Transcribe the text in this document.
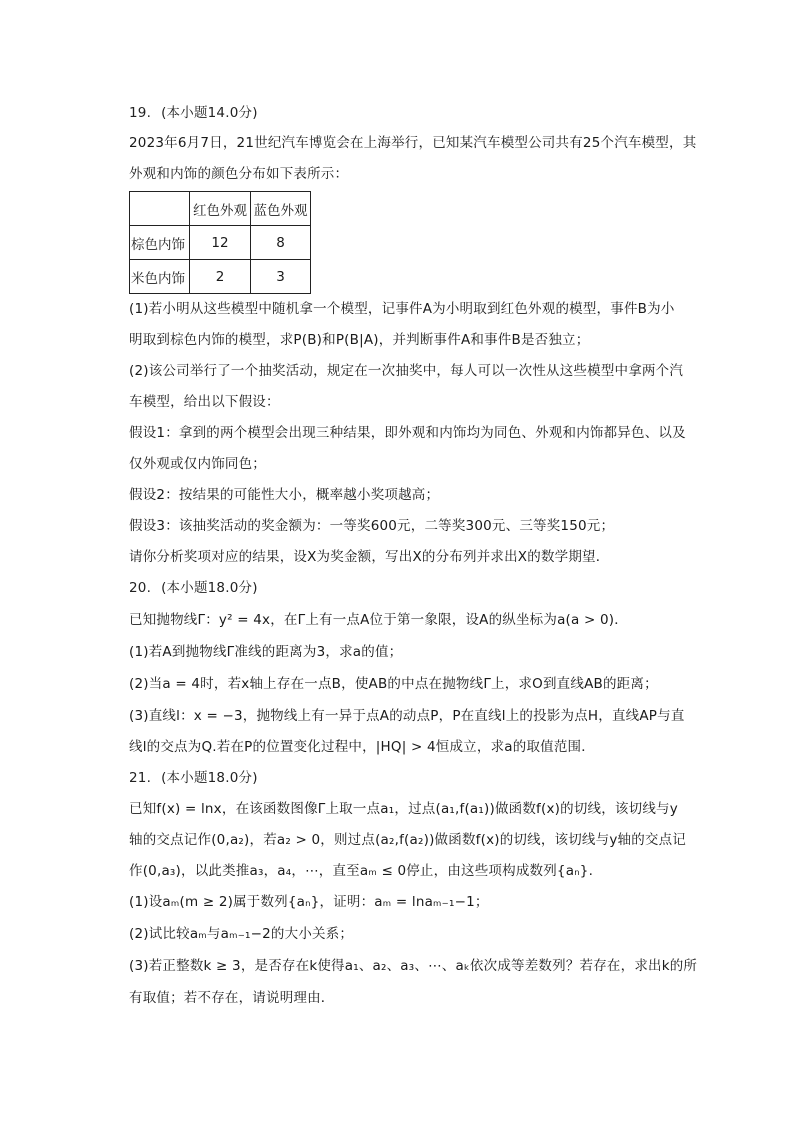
19. (本小题14.0分)
2023年6月7日，21世纪汽车博览会在上海举行，已知某汽车模型公司共有25个汽车模型，其
外观和内饰的颜色分布如下表所示：
	红色外观	蓝色外观
棕色内饰	12	8
米色内饰	2	3
(1)若小明从这些模型中随机拿一个模型，记事件A为小明取到红色外观的模型，事件B为小
明取到棕色内饰的模型，求P(B)和P(B|A)，并判断事件A和事件B是否独立；
(2)该公司举行了一个抽奖活动，规定在一次抽奖中，每人可以一次性从这些模型中拿两个汽
车模型，给出以下假设：
假设1：拿到的两个模型会出现三种结果，即外观和内饰均为同色、外观和内饰都异色、以及
仅外观或仅内饰同色；
假设2：按结果的可能性大小，概率越小奖项越高；
假设3：该抽奖活动的奖金额为：一等奖600元，二等奖300元、三等奖150元；
请你分析奖项对应的结果，设X为奖金额，写出X的分布列并求出X的数学期望．
20. (本小题18.0分)
已知抛物线Γ：y² = 4x，在Γ上有一点A位于第一象限，设A的纵坐标为a(a > 0)．
(1)若A到抛物线Γ准线的距离为3，求a的值；
(2)当a = 4时，若x轴上存在一点B，使AB的中点在抛物线Γ上，求O到直线AB的距离；
(3)直线l：x = −3，抛物线上有一异于点A的动点P，P在直线l上的投影为点H，直线AP与直
线l的交点为Q.若在P的位置变化过程中，|HQ| > 4恒成立，求a的取值范围．
21. (本小题18.0分)
已知f(x) = lnx，在该函数图像Γ上取一点a₁，过点(a₁,f(a₁))做函数f(x)的切线，该切线与y
轴的交点记作(0,a₂)，若a₂ > 0，则过点(a₂,f(a₂))做函数f(x)的切线，该切线与y轴的交点记
作(0,a₃)，以此类推a₃，a₄，⋯，直至aₘ ≤ 0停止，由这些项构成数列{aₙ}.
(1)设aₘ(m ≥ 2)属于数列{aₙ}，证明：aₘ = lnaₘ₋₁−1；
(2)试比较aₘ与aₘ₋₁−2的大小关系；
(3)若正整数k ≥ 3，是否存在k使得a₁、a₂、a₃、⋯、aₖ依次成等差数列？若存在，求出k的所
有取值；若不存在，请说明理由．
